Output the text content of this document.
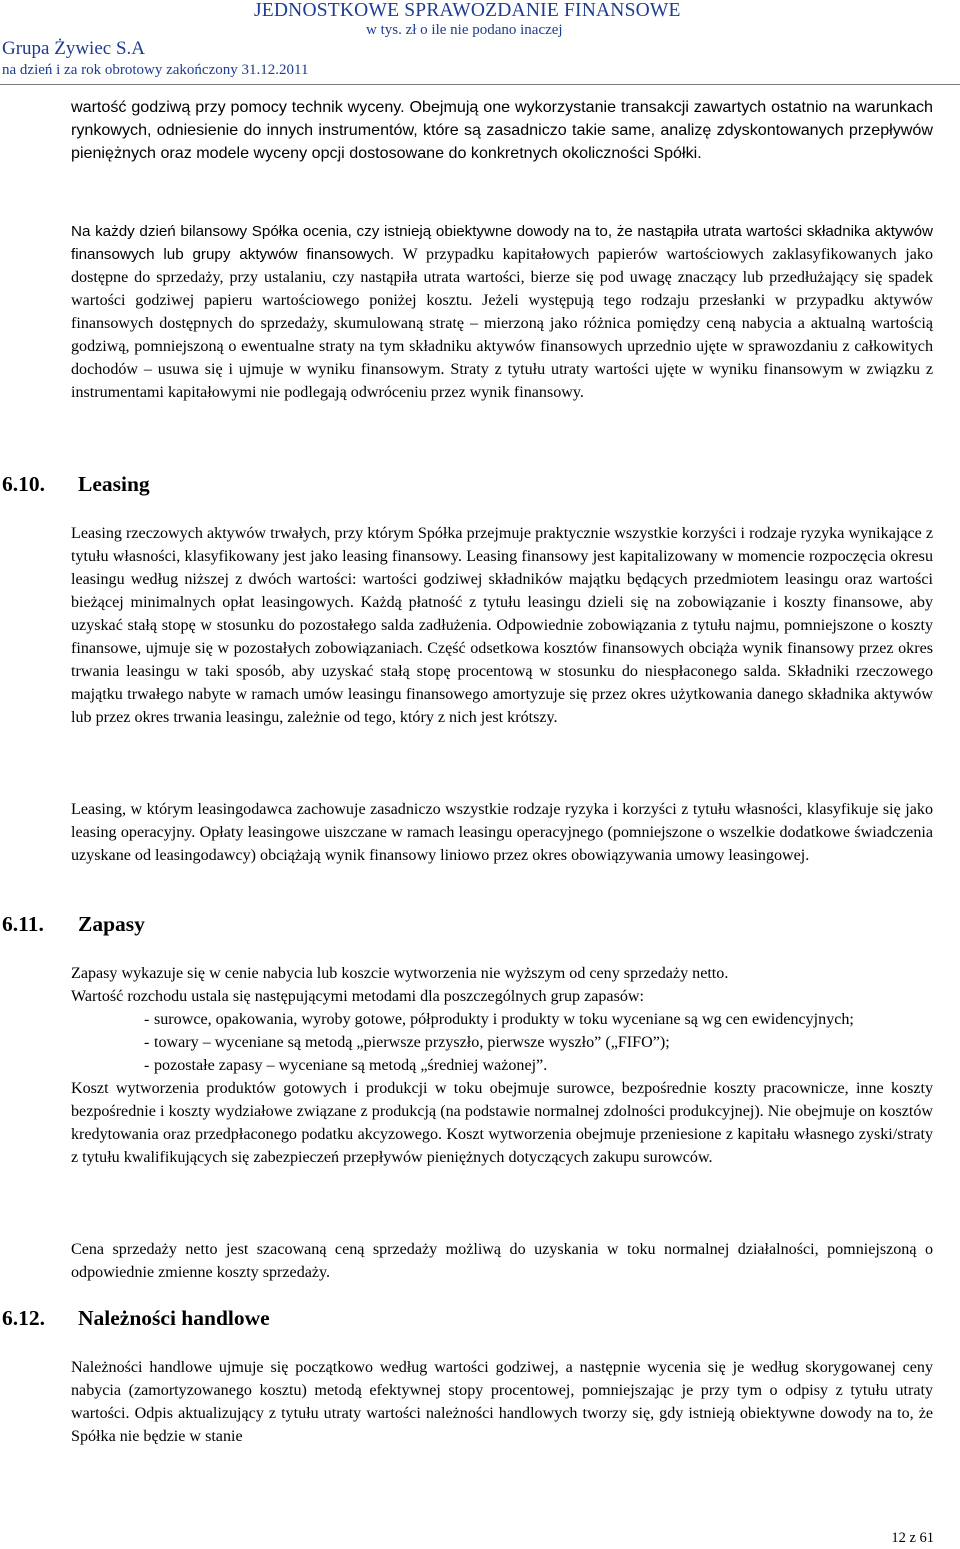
JEDNOSTKOWE SPRAWOZDANIE FINANSOWE
w tys. zł o ile nie podano inaczej
Grupa Żywiec S.A
na dzień i za rok obrotowy zakończony 31.12.2011

wartość godziwą przy pomocy technik wyceny. Obejmują one wykorzystanie transakcji zawartych ostatnio na warunkach rynkowych, odniesienie do innych instrumentów, które są zasadniczo takie same, analizę zdyskontowanych przepływów pieniężnych oraz modele wyceny opcji dostosowane do konkretnych okoliczności Spółki.

Na każdy dzień bilansowy Spółka ocenia, czy istnieją obiektywne dowody na to, że nastąpiła utrata wartości składnika aktywów finansowych lub grupy aktywów finansowych. W przypadku kapitałowych papierów wartościowych zaklasyfikowanych jako dostępne do sprzedaży, przy ustalaniu, czy nastąpiła utrata wartości, bierze się pod uwagę znaczący lub przedłużający się spadek wartości godziwej papieru wartościowego poniżej kosztu. Jeżeli występują tego rodzaju przesłanki w przypadku aktywów finansowych dostępnych do sprzedaży, skumulowaną stratę – mierzoną jako różnica pomiędzy ceną nabycia a aktualną wartością godziwą, pomniejszoną o ewentualne straty na tym składniku aktywów finansowych uprzednio ujęte w sprawozdaniu z całkowitych dochodów – usuwa się i ujmuje w wyniku finansowym. Straty z tytułu utraty wartości ujęte w wyniku finansowym w związku z instrumentami kapitałowymi nie podlegają odwróceniu przez wynik finansowy.

6.10. Leasing

Leasing rzeczowych aktywów trwałych, przy którym Spółka przejmuje praktycznie wszystkie korzyści i rodzaje ryzyka wynikające z tytułu własności, klasyfikowany jest jako leasing finansowy. Leasing finansowy jest kapitalizowany w momencie rozpoczęcia okresu leasingu według niższej z dwóch wartości: wartości godziwej składników majątku będących przedmiotem leasingu oraz wartości bieżącej minimalnych opłat leasingowych. Każdą płatność z tytułu leasingu dzieli się na zobowiązanie i koszty finansowe, aby uzyskać stałą stopę w stosunku do pozostałego salda zadłużenia. Odpowiednie zobowiązania z tytułu najmu, pomniejszone o koszty finansowe, ujmuje się w pozostałych zobowiązaniach. Część odsetkowa kosztów finansowych obciąża wynik finansowy przez okres trwania leasingu w taki sposób, aby uzyskać stałą stopę procentową w stosunku do niespłaconego salda. Składniki rzeczowego majątku trwałego nabyte w ramach umów leasingu finansowego amortyzuje się przez okres użytkowania danego składnika aktywów lub przez okres trwania leasingu, zależnie od tego, który z nich jest krótszy.

Leasing, w którym leasingodawca zachowuje zasadniczo wszystkie rodzaje ryzyka i korzyści z tytułu własności, klasyfikuje się jako leasing operacyjny. Opłaty leasingowe uiszczane w ramach leasingu operacyjnego (pomniejszone o wszelkie dodatkowe świadczenia uzyskane od leasingodawcy) obciążają wynik finansowy liniowo przez okres obowiązywania umowy leasingowej.

6.11. Zapasy

Zapasy wykazuje się w cenie nabycia lub koszcie wytworzenia nie wyższym od ceny sprzedaży netto.

Wartość rozchodu ustala się następującymi metodami dla poszczególnych grup zapasów:

- surowce, opakowania, wyroby gotowe, półprodukty i produkty w toku wyceniane są wg cen ewidencyjnych;
- towary – wyceniane są metodą „pierwsze przyszło, pierwsze wyszło” („FIFO”);
- pozostałe zapasy – wyceniane są metodą „średniej ważonej”.

Koszt wytworzenia produktów gotowych i produkcji w toku obejmuje surowce, bezpośrednie koszty pracownicze, inne koszty bezpośrednie i koszty wydziałowe związane z produkcją (na podstawie normalnej zdolności produkcyjnej). Nie obejmuje on kosztów kredytowania oraz przedpłaconego podatku akcyzowego. Koszt wytworzenia obejmuje przeniesione z kapitału własnego zyski/straty z tytułu kwalifikujących się zabezpieczeń przepływów pieniężnych dotyczących zakupu surowców.

Cena sprzedaży netto jest szacowaną ceną sprzedaży możliwą do uzyskania w toku normalnej działalności, pomniejszoną o odpowiednie zmienne koszty sprzedaży.

6.12. Należności handlowe

Należności handlowe ujmuje się początkowo według wartości godziwej, a następnie wycenia się je według skorygowanej ceny nabycia (zamortyzowanego kosztu) metodą efektywnej stopy procentowej, pomniejszając je przy tym o odpisy z tytułu utraty wartości. Odpis aktualizujący z tytułu utraty wartości należności handlowych tworzy się, gdy istnieją obiektywne dowody na to, że Spółka nie będzie w stanie

12 z 61
